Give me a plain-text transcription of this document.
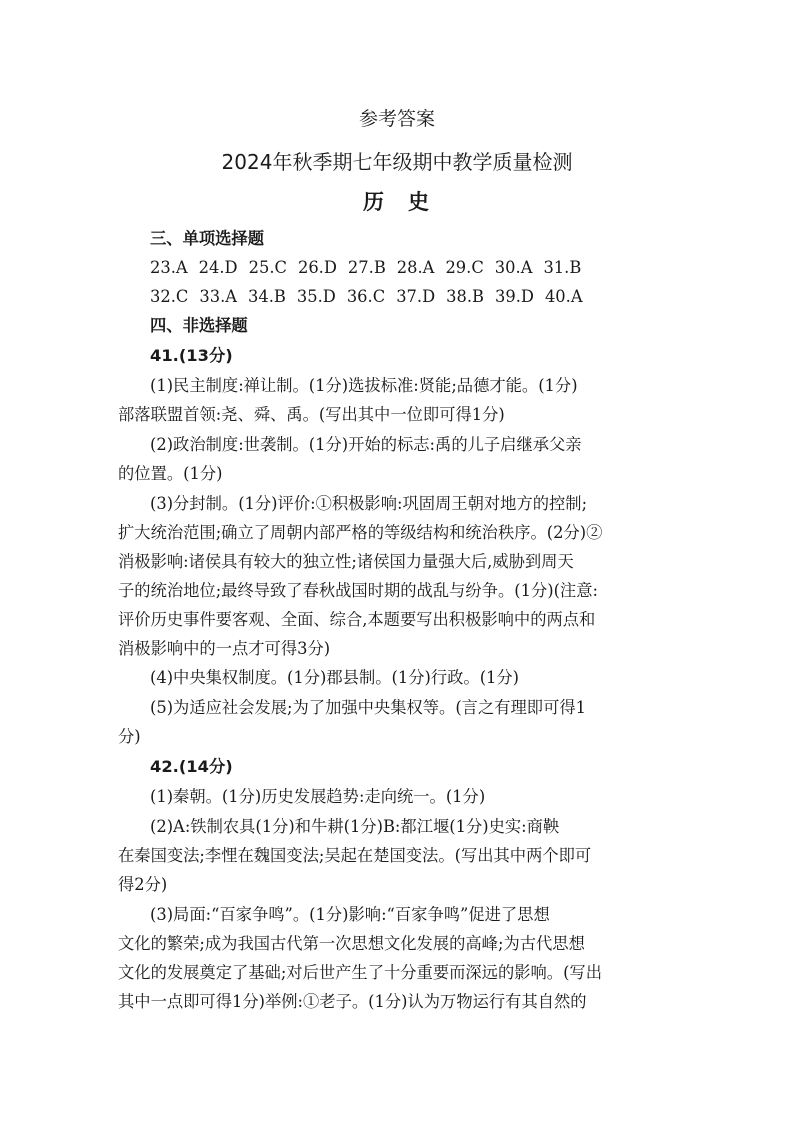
参考答案
2024年秋季期七年级期中教学质量检测
历 史
三、单项选择题
23.A 24.D 25.C 26.D 27.B 28.A 29.C 30.A 31.B
32.C 33.A 34.B 35.D 36.C 37.D 38.B 39.D 40.A
四、非选择题
41.(13分)
(1)民主制度:禅让制。(1分)选拔标准:贤能;品德才能。(1分)
部落联盟首领:尧、舜、禹。(写出其中一位即可得1分)
(2)政治制度:世袭制。(1分)开始的标志:禹的儿子启继承父亲
的位置。(1分)
(3)分封制。(1分)评价:①积极影响:巩固周王朝对地方的控制;
扩大统治范围;确立了周朝内部严格的等级结构和统治秩序。(2分)②
消极影响:诸侯具有较大的独立性;诸侯国力量强大后,威胁到周天
子的统治地位;最终导致了春秋战国时期的战乱与纷争。(1分)(注意:
评价历史事件要客观、全面、综合,本题要写出积极影响中的两点和
消极影响中的一点才可得3分)
(4)中央集权制度。(1分)郡县制。(1分)行政。(1分)
(5)为适应社会发展;为了加强中央集权等。(言之有理即可得1
分)
42.(14分)
(1)秦朝。(1分)历史发展趋势:走向统一。(1分)
(2)A:铁制农具(1分)和牛耕(1分)B:都江堰(1分)史实:商鞅
在秦国变法;李悝在魏国变法;吴起在楚国变法。(写出其中两个即可
得2分)
(3)局面:“百家争鸣”。(1分)影响:“百家争鸣”促进了思想
文化的繁荣;成为我国古代第一次思想文化发展的高峰;为古代思想
文化的发展奠定了基础;对后世产生了十分重要而深远的影响。(写出
其中一点即可得1分)举例:①老子。(1分)认为万物运行有其自然的
